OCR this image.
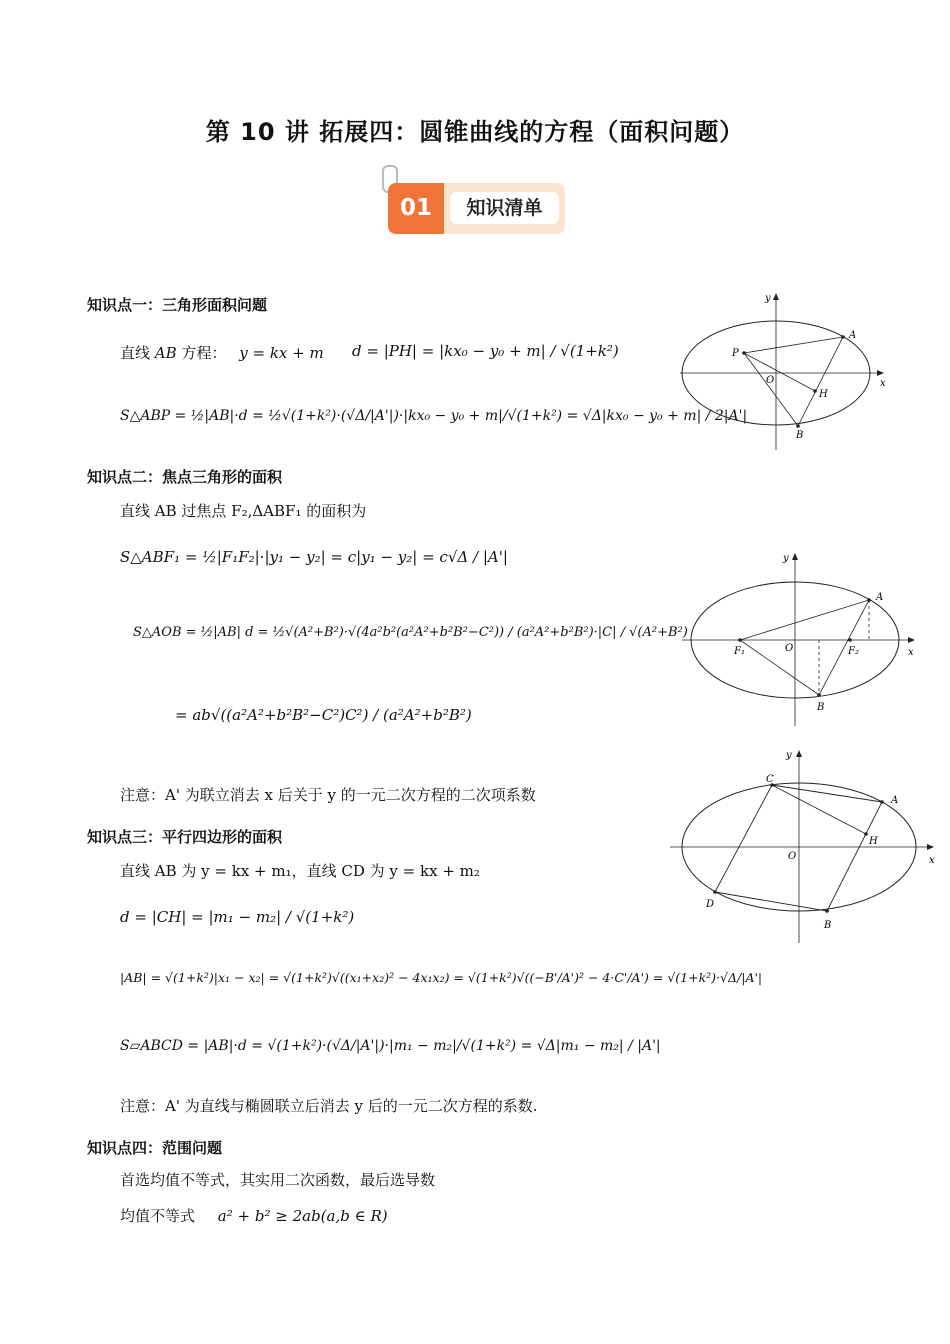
第 10 讲 拓展四：圆锥曲线的方程（面积问题）
01	知识清单
知识点一：三角形面积问题
直线 AB 方程： y = kx + m d = |PH| = |kx₀ − y₀ + m| / √(1+k²)
S△ABP = ½|AB|·d = ½√(1+k²)·(√Δ/|A'|)·|kx₀ − y₀ + m|/√(1+k²) = √Δ|kx₀ − y₀ + m| / 2|A'|
y
x
A
P
O
H
B
知识点二：焦点三角形的面积
直线 AB 过焦点 F₂,ΔABF₁ 的面积为
S△ABF₁ = ½|F₁F₂|·|y₁ − y₂| = c|y₁ − y₂| = c√Δ / |A'|
S△AOB = ½|AB| d = ½√(A²+B²)·√(4a²b²(a²A²+b²B²−C²)) / (a²A²+b²B²)·|C| / √(A²+B²)
= ab√((a²A²+b²B²−C²)C²) / (a²A²+b²B²)
注意：A' 为联立消去 x 后关于 y 的一元二次方程的二次项系数
y
x
A
F₁	O	F₂
B
知识点三：平行四边形的面积
直线 AB 为 y = kx + m₁，直线 CD 为 y = kx + m₂
d = |CH| = |m₁ − m₂| / √(1+k²)
|AB| = √(1+k²)|x₁ − x₂| = √(1+k²)√((x₁+x₂)² − 4x₁x₂) = √(1+k²)√((−B'/A')² − 4·C'/A') = √(1+k²)·√Δ/|A'|
S▱ABCD = |AB|·d = √(1+k²)·(√Δ/|A'|)·|m₁ − m₂|/√(1+k²) = √Δ|m₁ − m₂| / |A'|
注意：A' 为直线与椭圆联立后消去 y 后的一元二次方程的系数.
y
x
C
A
H
O
D
B
知识点四：范围问题
首选均值不等式，其实用二次函数，最后选导数
均值不等式 a² + b² ≥ 2ab(a,b ∈ R)
